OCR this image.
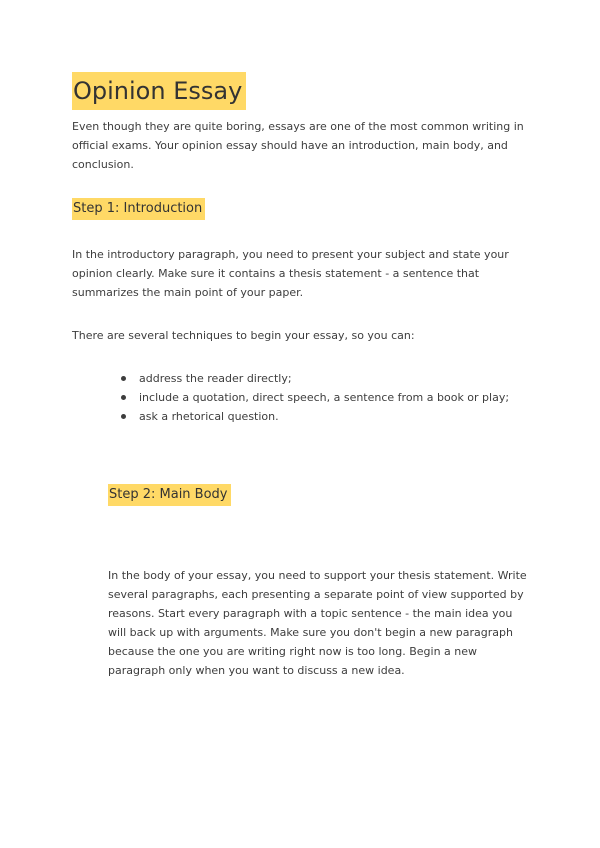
Opinion Essay

Even though they are quite boring, essays are one of the most common writing in official exams. Your opinion essay should have an introduction, main body, and conclusion.

Step 1: Introduction

In the introductory paragraph, you need to present your subject and state your opinion clearly. Make sure it contains a thesis statement - a sentence that summarizes the main point of your paper.

There are several techniques to begin your essay, so you can:

address the reader directly;
include a quotation, direct speech, a sentence from a book or play;
ask a rhetorical question.
Step 2: Main Body

In the body of your essay, you need to support your thesis statement. Write several paragraphs, each presenting a separate point of view supported by reasons. Start every paragraph with a topic sentence - the main idea you will back up with arguments. Make sure you don't begin a new paragraph because the one you are writing right now is too long. Begin a new paragraph only when you want to discuss a new idea.
